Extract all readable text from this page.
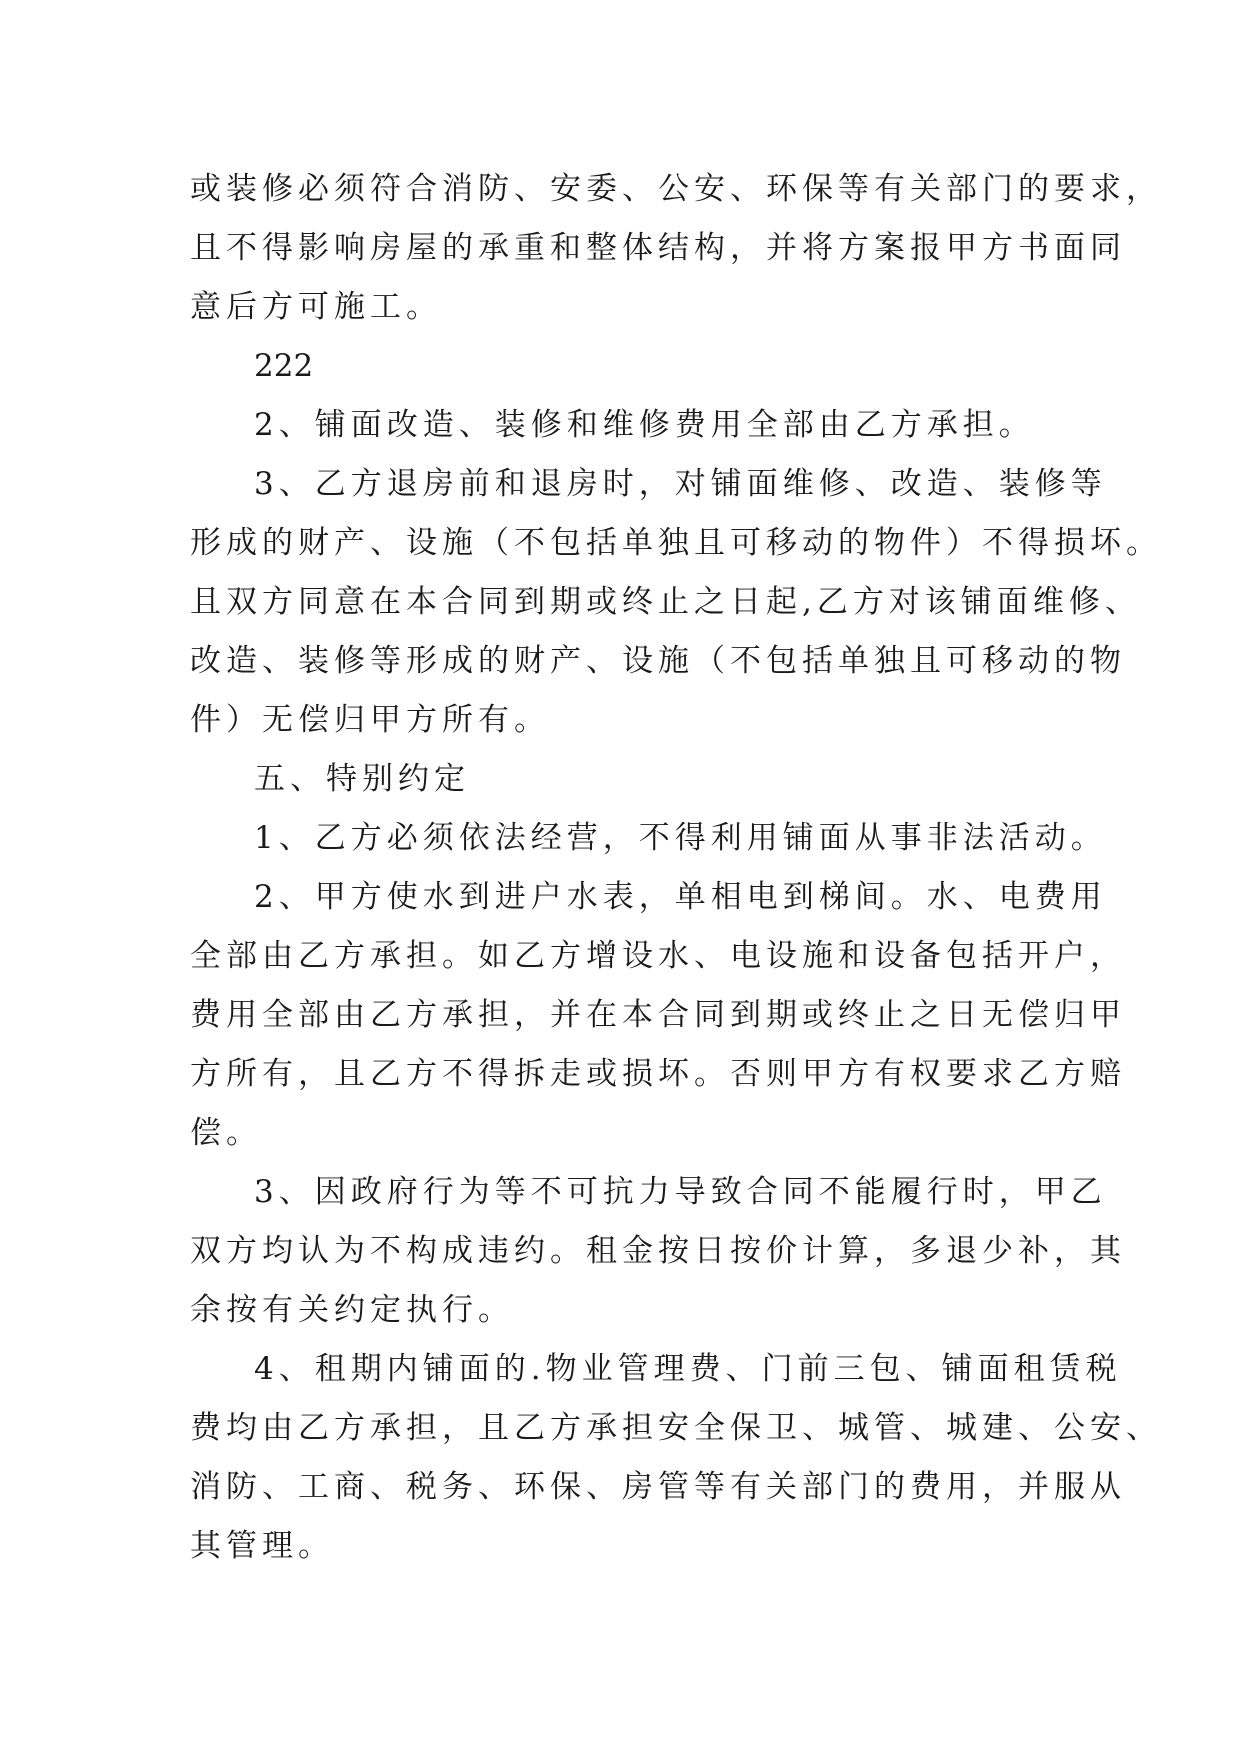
或装修必须符合消防、安委、公安、环保等有关部门的要求，
且不得影响房屋的承重和整体结构，并将方案报甲方书面同
意后方可施工。
222
2、铺面改造、装修和维修费用全部由乙方承担。
3、乙方退房前和退房时，对铺面维修、改造、装修等
形成的财产、设施（不包括单独且可移动的物件）不得损坏。
且双方同意在本合同到期或终止之日起,乙方对该铺面维修、
改造、装修等形成的财产、设施（不包括单独且可移动的物
件）无偿归甲方所有。
五、特别约定
1、乙方必须依法经营，不得利用铺面从事非法活动。
2、甲方使水到进户水表，单相电到梯间。水、电费用
全部由乙方承担。如乙方增设水、电设施和设备包括开户，
费用全部由乙方承担，并在本合同到期或终止之日无偿归甲
方所有，且乙方不得拆走或损坏。否则甲方有权要求乙方赔
偿。
3、因政府行为等不可抗力导致合同不能履行时，甲乙
双方均认为不构成违约。租金按日按价计算，多退少补，其
余按有关约定执行。
4、租期内铺面的.物业管理费、门前三包、铺面租赁税
费均由乙方承担，且乙方承担安全保卫、城管、城建、公安、
消防、工商、税务、环保、房管等有关部门的费用，并服从
其管理。
